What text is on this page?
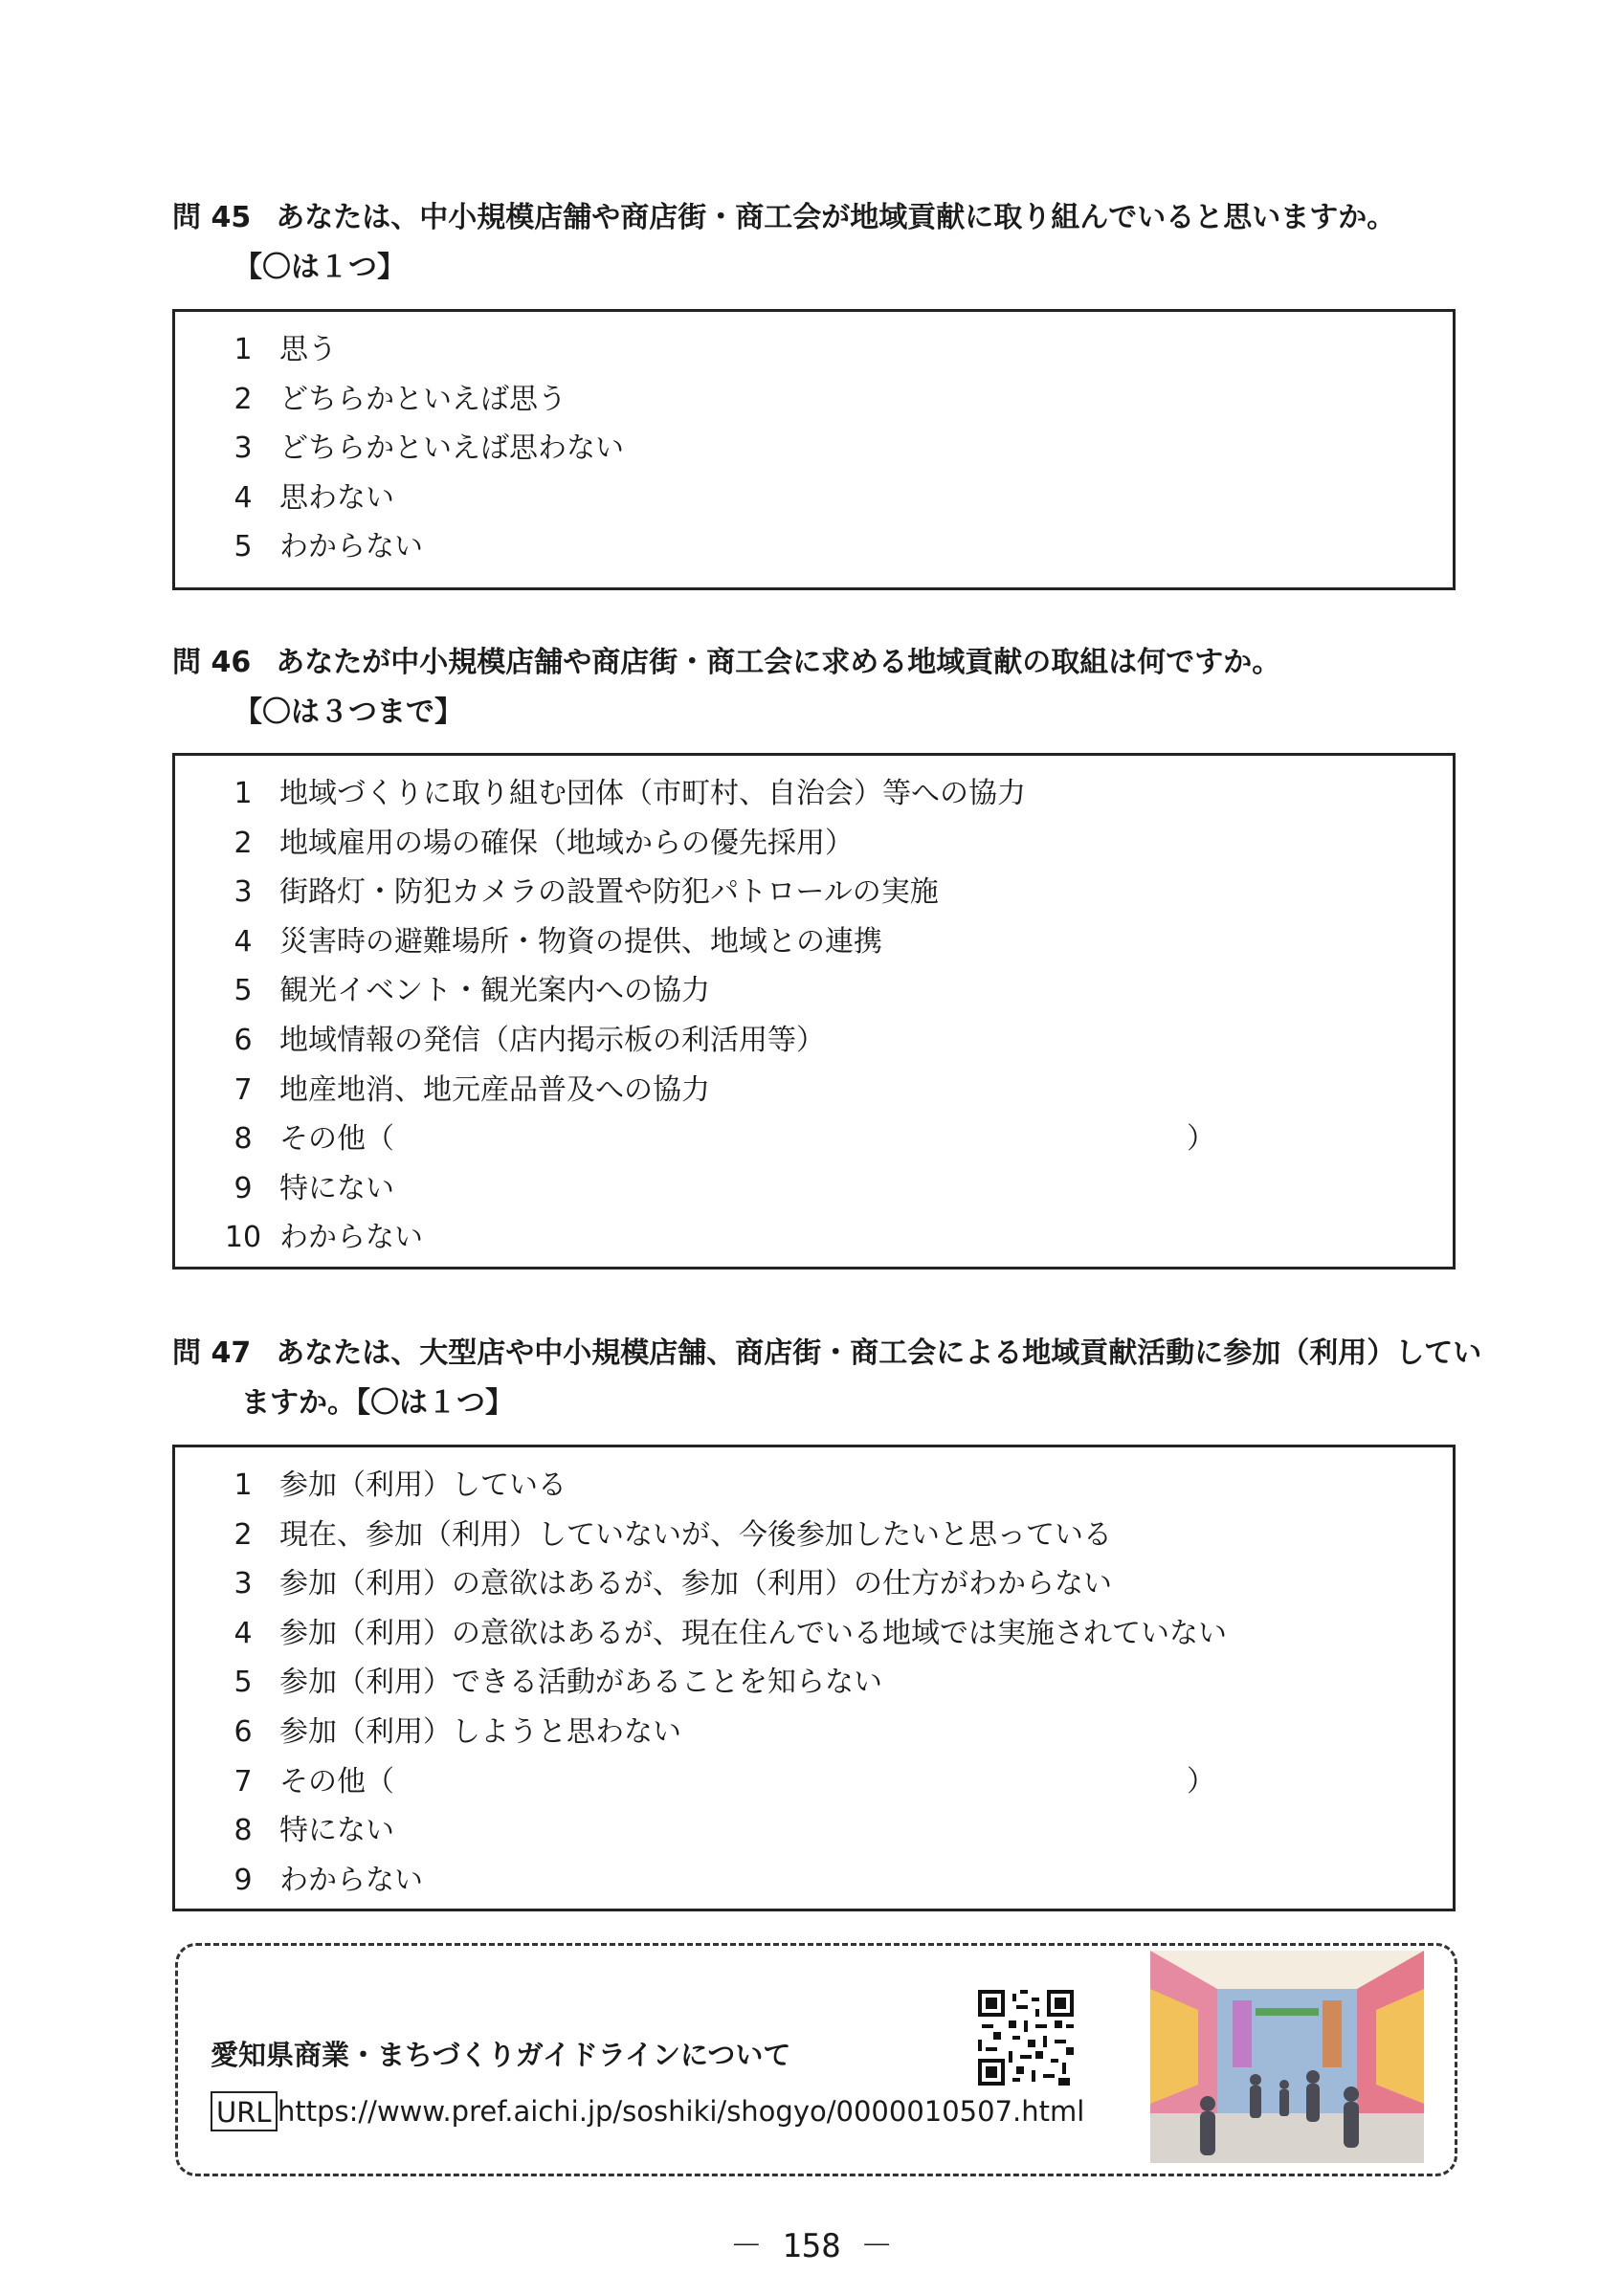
問 45 あなたは、中小規模店舗や商店街・商工会が地域貢献に取り組んでいると思いますか。
【〇は１つ】
1 思う
2 どちらかといえば思う
3 どちらかといえば思わない
4 思わない
5 わからない
問 46 あなたが中小規模店舗や商店街・商工会に求める地域貢献の取組は何ですか。
【〇は３つまで】
1 地域づくりに取り組む団体（市町村、自治会）等への協力
2 地域雇用の場の確保（地域からの優先採用）
3 街路灯・防犯カメラの設置や防犯パトロールの実施
4 災害時の避難場所・物資の提供、地域との連携
5 観光イベント・観光案内への協力
6 地域情報の発信（店内掲示板の利活用等）
7 地産地消、地元産品普及への協力
8 その他（	）
9 特にない
10 わからない
問 47 あなたは、大型店や中小規模店舗、商店街・商工会による地域貢献活動に参加（利用）してい
ますか。【〇は１つ】
1 参加（利用）している
2 現在、参加（利用）していないが、今後参加したいと思っている
3 参加（利用）の意欲はあるが、参加（利用）の仕方がわからない
4 参加（利用）の意欲はあるが、現在住んでいる地域では実施されていない
5 参加（利用）できる活動があることを知らない
6 参加（利用）しようと思わない
7 その他（	）
8 特にない
9 わからない
愛知県商業・まちづくりガイドラインについて
URL https://www.pref.aichi.jp/soshiki/shogyo/0000010507.html
－ 158 －
